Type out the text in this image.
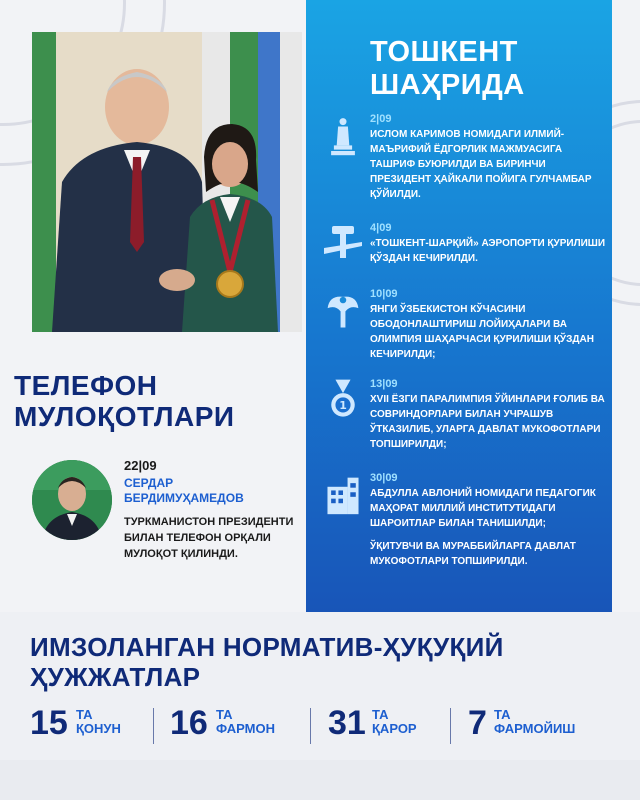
ТОШКЕНТ
ШАҲРИДА
2|09
ИСЛОМ КАРИМОВ НОМИДАГИ ИЛМИЙ-МАЪРИФИЙ ЁДГОРЛИК МАЖМУАСИГА ТАШРИФ БУЮРИЛДИ ВА БИРИНЧИ ПРЕЗИДЕНТ ҲАЙКАЛИ ПОЙИГА ГУЛЧАМБАР ҚЎЙИЛДИ.
4|09
«ТОШКЕНТ-ШАРҚИЙ» АЭРОПОРТИ ҚУРИЛИШИ ҚЎЗДАН КЕЧИРИЛДИ.
10|09
ЯНГИ ЎЗБЕКИСТОН КЎЧАСИНИ ОБОДОНЛАШТИРИШ ЛОЙИҲАЛАРИ ВА ОЛИМПИЯ ШАҲАРЧАСИ ҚУРИЛИШИ ҚЎЗДАН КЕЧИРИЛДИ;
1
13|09
XVII ЁЗГИ ПАРАЛИМПИЯ ЎЙИНЛАРИ ҒОЛИБ ВА СОВРИНДОРЛАРИ БИЛАН УЧРАШУВ ЎТКАЗИЛИБ, УЛАРГА ДАВЛАТ МУКОФОТЛАРИ ТОПШИРИЛДИ;
30|09
АБДУЛЛА АВЛОНИЙ НОМИДАГИ ПЕДАГОГИК МАҲОРАТ МИЛЛИЙ ИНСТИТУТИДАГИ ШАРОИТЛАР БИЛАН ТАНИШИЛДИ;
ЎҚИТУВЧИ ВА МУРАББИЙЛАРГА ДАВЛАТ МУКОФОТЛАРИ ТОПШИРИЛДИ.
ТЕЛЕФОН
МУЛОҚОТЛАРИ
22|09
СЕРДАР
БЕРДИМУҲАМЕДОВ
ТУРКМАНИСТОН ПРЕЗИДЕНТИ БИЛАН ТЕЛЕФОН ОРҚАЛИ МУЛОҚОТ ҚИЛИНДИ.
ИМЗОЛАНГАН НОРМАТИВ-ҲУҚУҚИЙ
ҲУЖЖАТЛАР
15 ТА
ҚОНУН 16 ТА
ФАРМОН 31 ТА
ҚАРОР 7 ТА
ФАРМОЙИШ
